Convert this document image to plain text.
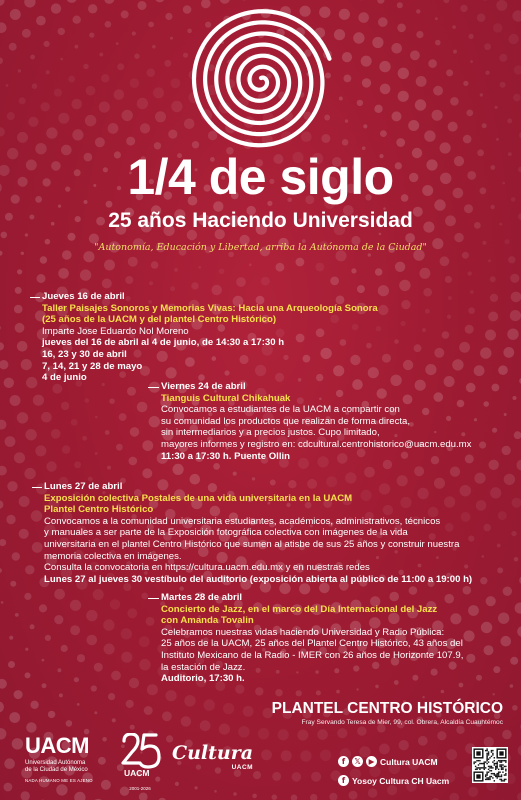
1/4 de siglo
25 años Haciendo Universidad
"Autonomía, Educación y Libertad, arriba la Autónoma de la Ciudad"
Jueves 16 de abril
Taller Paisajes Sonoros y Memorias Vivas: Hacia una Arqueología Sonora
(25 años de la UACM y del plantel Centro Histórico)
Imparte Jose Eduardo Nol Moreno
jueves del 16 de abril al 4 de junio, de 14:30 a 17:30 h
16, 23 y 30 de abril
7, 14, 21 y 28 de mayo
4 de junio
Viernes 24 de abril
Tianguis Cultural Chikahuak
Convocamos a estudiantes de la UACM a compartir con
su comunidad los productos que realizan de forma directa,
sin intermediarios y a precios justos. Cupo limitado,
mayores informes y registro en: cdcultural.centrohistorico@uacm.edu.mx
11:30 a 17:30 h. Puente Ollin
Lunes 27 de abril
Exposición colectiva Postales de una vida universitaria en la UACM
Plantel Centro Histórico
Convocamos a la comunidad universitaria estudiantes, académicos, administrativos, técnicos
y manuales a ser parte de la Exposición fotográfica colectiva con imágenes de la vida
universitaria en el plantel Centro Histórico que sumen al atisbe de sus 25 años y construir nuestra
memoria colectiva en imágenes.
Consulta la convocatoria en https://cultura.uacm.edu.mx y en nuestras redes
Lunes 27 al jueves 30 vestíbulo del auditorio (exposición abierta al público de 11:00 a 19:00 h)
Martes 28 de abril
Concierto de Jazz, en el marco del Día Internacional del Jazz
con Amanda Tovalin
Celebramos nuestras vidas haciendo Universidad y Radio Pública:
25 años de la UACM, 25 años del Plantel Centro Histórico, 43 años del
Instituto Mexicano de la Radio - IMER con 26 años de Horizonte 107.9,
la estación de Jazz.
Auditorio, 17:30 h.
PLANTEL CENTRO HISTÓRICO
Fray Servando Teresa de Mier, 99, col. Obrera, Alcaldía Cuauhtémoc
UACM
Universidad Autónoma
de la Ciudad de México
NADA HUMANO ME ES AJENO
UACM
2001-2026
Cultura
UACM
f	𝕏	▶ Cultura UACM
f Yosoy Cultura CH Uacm
